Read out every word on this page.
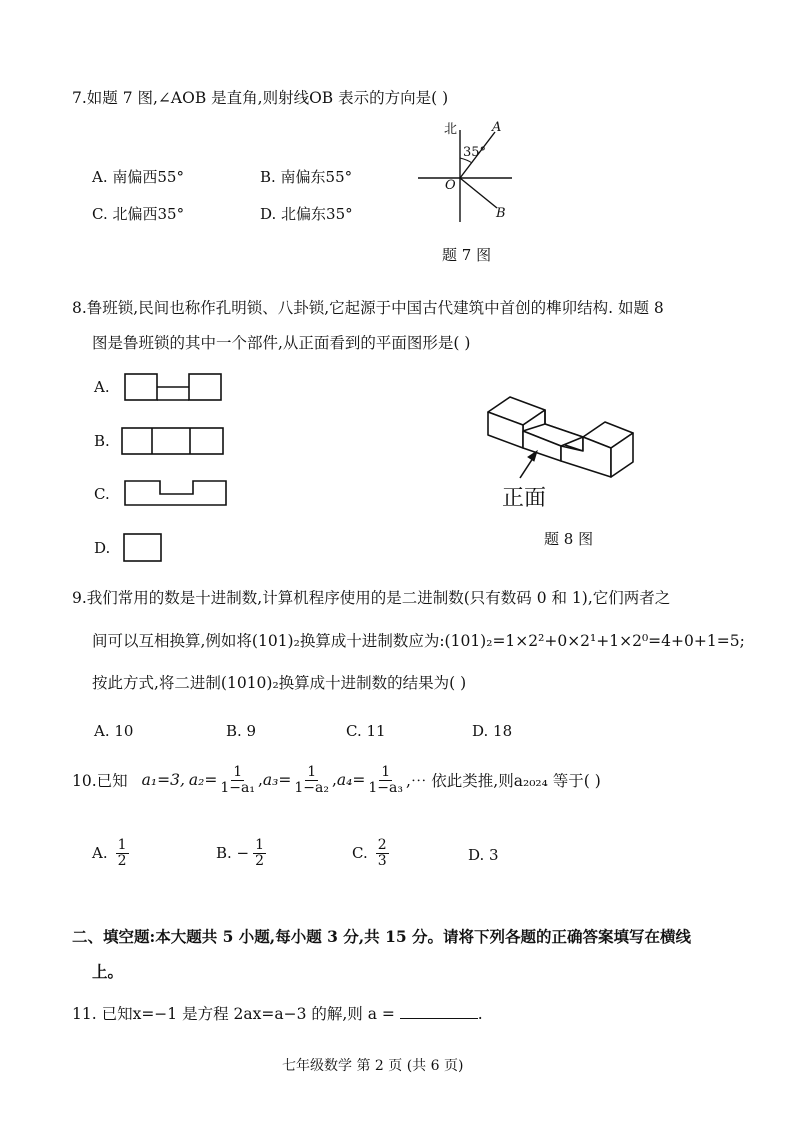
7.如题 7 图,∠AOB 是直角,则射线OB 表示的方向是( )
A. 南偏西55°	B. 南偏东55°
C. 北偏西35°	D. 北偏东35°
北	A
35°
O
B
题 7 图
8.鲁班锁,民间也称作孔明锁、八卦锁,它起源于中国古代建筑中首创的榫卯结构. 如题 8
图是鲁班锁的其中一个部件,从正面看到的平面图形是( )
A.
B.
C.
D.
正面
题 8 图
9.我们常用的数是十进制数,计算机程序使用的是二进制数(只有数码 0 和 1),它们两者之
间可以互相换算,例如将(101)₂换算成十进制数应为:(101)₂=1×2²+0×2¹+1×2⁰=4+0+1=5;
按此方式,将二进制(1010)₂换算成十进制数的结果为( )
A. 10	B. 9	C. 11	D. 18
10.已知 a₁=3, $a_2= \frac{1}{\text{1−a₁}}$ , $a_3= \frac{1}{\text{1−a₂}}$ , $a_4= \frac{1}{\text{1−a₃}}$ ,⋯ 依此类推,则a₂₀₂₄ 等于( )
A. $\frac{1}{2}$	B. − $\frac{1}{2}$	C. $\frac{2}{3}$	D. 3
二、填空题:本大题共 5 小题,每小题 3 分,共 15 分。请将下列各题的正确答案填写在横线
上。
11. 已知x=−1 是方程 2ax=a−3 的解,则 a =	.
七年级数学 第 2 页 (共 6 页)
